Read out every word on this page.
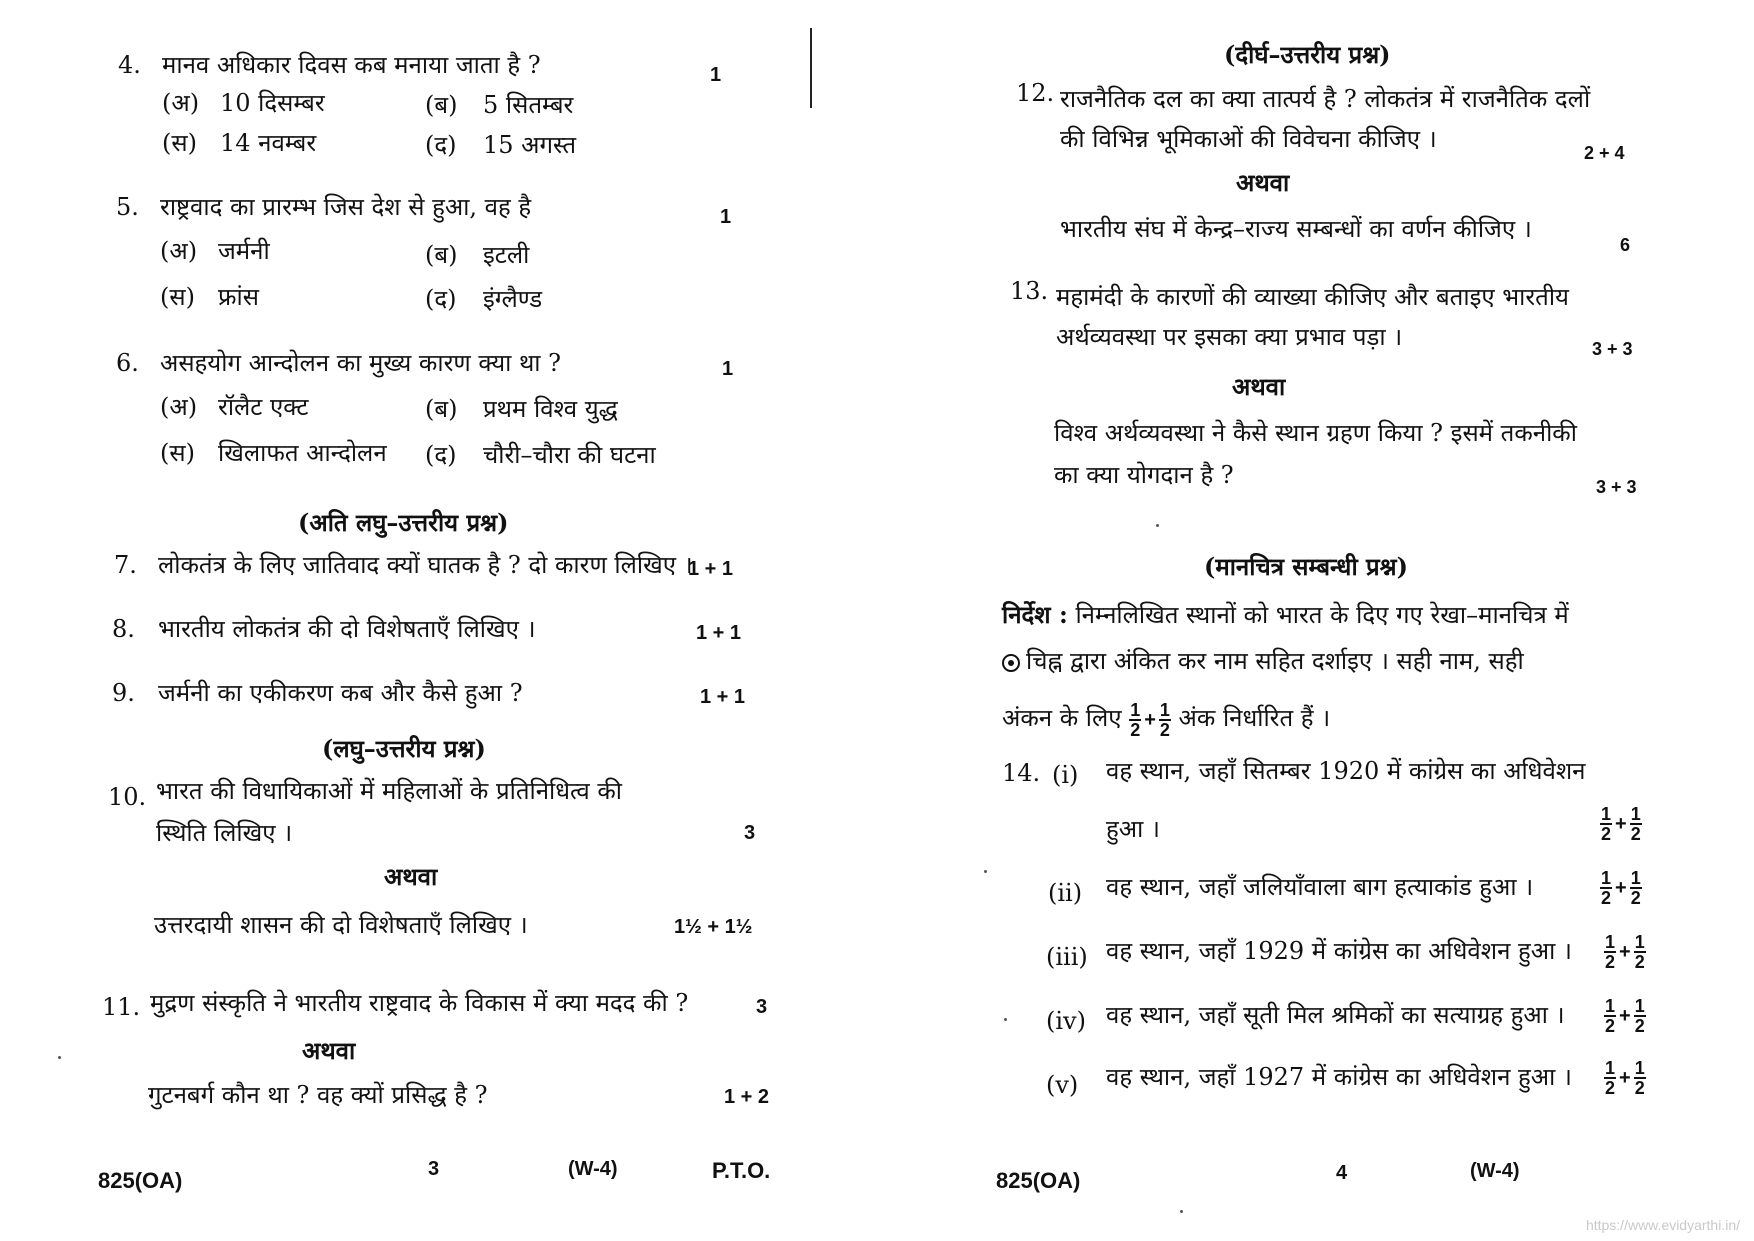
4. मानव अधिकार दिवस कब मनाया जाता है ?	1
(अ) 10 दिसम्बर	(ब) 5 सितम्बर
(स) 14 नवम्बर	(द) 15 अगस्त
5. राष्ट्रवाद का प्रारम्भ जिस देश से हुआ, वह है	1
(अ) जर्मनी	(ब) इटली
(स) फ्रांस	(द) इंग्लैण्ड
6. असहयोग आन्दोलन का मुख्य कारण क्या था ?	1
(अ) रॉलैट एक्ट	(ब) प्रथम विश्व युद्ध
(स) खिलाफत आन्दोलन (द) चौरी–चौरा की घटना
(अति लघु–उत्तरीय प्रश्न)
7. लोकतंत्र के लिए जातिवाद क्यों घातक है ? दो कारण लिखिए ।
1 + 1
8. भारतीय लोकतंत्र की दो विशेषताएँ लिखिए ।	1 + 1
9. जर्मनी का एकीकरण कब और कैसे हुआ ?	1 + 1
(लघु–उत्तरीय प्रश्न)
10. भारत की विधायिकाओं में महिलाओं के प्रतिनिधित्व की
स्थिति लिखिए ।	3
अथवा
उत्तरदायी शासन की दो विशेषताएँ लिखिए ।	1½ + 1½
11. मुद्रण संस्कृति ने भारतीय राष्ट्रवाद के विकास में क्या मदद की ?	3
अथवा
गुटनबर्ग कौन था ? वह क्यों प्रसिद्ध है ?	1 + 2
825(OA)	3	(W-4)	P.T.O.
(दीर्घ–उत्तरीय प्रश्न)
12. राजनैतिक दल का क्या तात्पर्य है ? लोकतंत्र में राजनैतिक दलों
की विभिन्न भूमिकाओं की विवेचना कीजिए ।	2 + 4
अथवा
भारतीय संघ में केन्द्र–राज्य सम्बन्धों का वर्णन कीजिए ।
6
13. महामंदी के कारणों की व्याख्या कीजिए और बताइए भारतीय
अर्थव्यवस्था पर इसका क्या प्रभाव पड़ा ।	3 + 3
अथवा
विश्व अर्थव्यवस्था ने कैसे स्थान ग्रहण किया ? इसमें तकनीकी
का क्या योगदान है ?	3 + 3
(मानचित्र सम्बन्धी प्रश्न)
निर्देश : निम्नलिखित स्थानों को भारत के दिए गए रेखा–मानचित्र में
चिह्न द्वारा अंकित कर नाम सहित दर्शाइए । सही नाम, सही
अंकन के लिए $\frac{1}{2} + \frac{1}{2}$ अंक निर्धारित हैं ।
14. (i) वह स्थान, जहाँ सितम्बर 1920 में कांग्रेस का अधिवेशन
हुआ ।	$\frac{1}{2} + \frac{1}{2}$
(ii) वह स्थान, जहाँ जलियाँवाला बाग हत्याकांड हुआ ।	$\frac{1}{2} + \frac{1}{2}$
(iii) वह स्थान, जहाँ 1929 में कांग्रेस का अधिवेशन हुआ । $\frac{1}{2} + \frac{1}{2}$
(iv) वह स्थान, जहाँ सूती मिल श्रमिकों का सत्याग्रह हुआ । $\frac{1}{2} + \frac{1}{2}$
(v) वह स्थान, जहाँ 1927 में कांग्रेस का अधिवेशन हुआ । $\frac{1}{2} + \frac{1}{2}$
825(OA)	4	(W-4)
https://www.evidyarthi.in/
